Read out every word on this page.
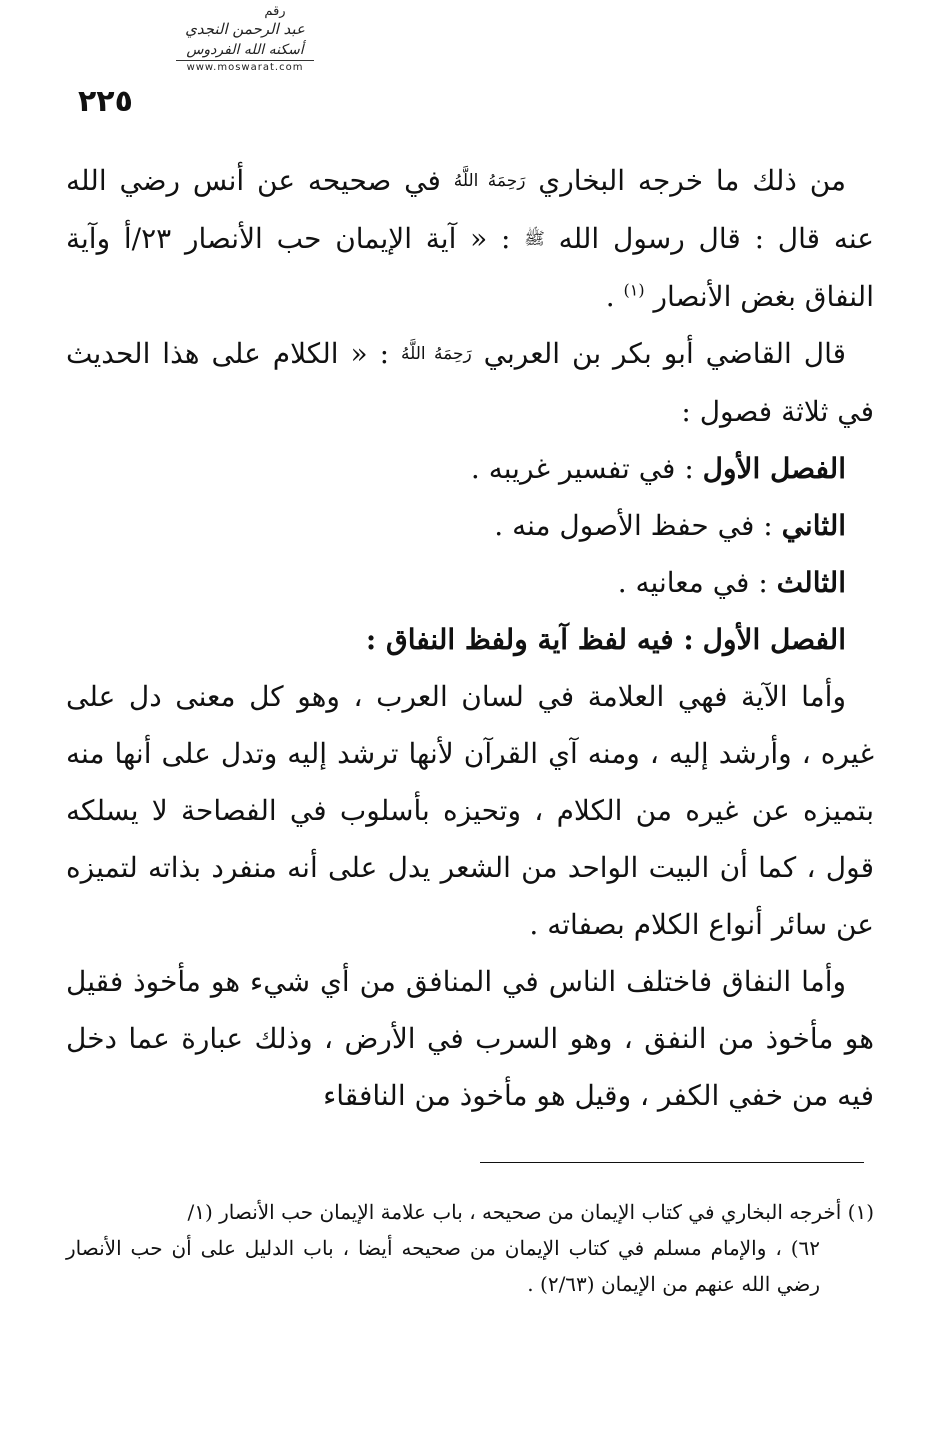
رقم
عبد الرحمن النجدي
أسكنه الله الفردوس
www.moswarat.com
٢٢٥

من ذلك ما خرجه البخاري رَحِمَهُ اللَّهُ في صحيحه عن أنس رضي الله عنه قال : قال رسول الله ﷺ : « آية الإيمان حب الأنصار ٢٣/أ وآية النفاق بغض الأنصار $^{(١)}$ .

قال القاضي أبو بكر بن العربي رَحِمَهُ اللَّهُ : « الكلام على هذا الحديث في ثلاثة فصول :

الفصل الأول : في تفسير غريبه .

الثاني : في حفظ الأصول منه .

الثالث : في معانيه .

الفصل الأول : فيه لفظ آية ولفظ النفاق :

وأما الآية فهي العلامة في لسان العرب ، وهو كل معنى دل على غيره ، وأرشد إليه ، ومنه آي القرآن لأنها ترشد إليه وتدل على أنها منه بتميزه عن غيره من الكلام ، وتحيزه بأسلوب في الفصاحة لا يسلكه قول ، كما أن البيت الواحد من الشعر يدل على أنه منفرد بذاته لتميزه عن سائر أنواع الكلام بصفاته .

وأما النفاق فاختلف الناس في المنافق من أي شيء هو مأخوذ فقيل هو مأخوذ من النفق ، وهو السرب في الأرض ، وذلك عبارة عما دخل فيه من خفي الكفر ، وقيل هو مأخوذ من النافقاء

(١) أخرجه البخاري في كتاب الإيمان من صحيحه ، باب علامة الإيمان حب الأنصار (١/
٦٢) ، والإمام مسلم في كتاب الإيمان من صحيحه أيضا ، باب الدليل على أن حب الأنصار رضي الله عنهم من الإيمان (٢/٦٣) .
